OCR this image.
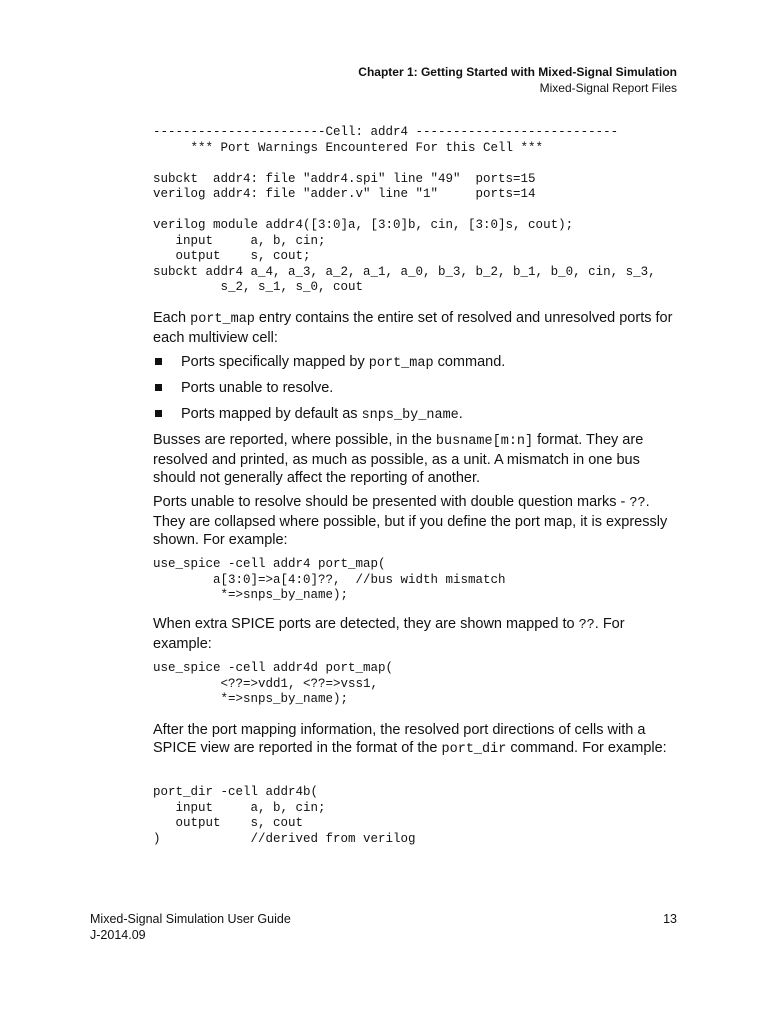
Chapter 1: Getting Started with Mixed-Signal Simulation
Mixed-Signal Report Files
-----------------------Cell: addr4 ---------------------------
*** Port Warnings Encountered For this Cell ***

subckt  addr4: file "addr4.spi" line "49"  ports=15
verilog addr4: file "adder.v" line "1"     ports=14

verilog module addr4([3:0]a, [3:0]b, cin, [3:0]s, cout);
input     a, b, cin;
output    s, cout;
subckt addr4 a_4, a_3, a_2, a_1, a_0, b_3, b_2, b_1, b_0, cin, s_3,
s_2, s_1, s_0, cout

Each port_map entry contains the entire set of resolved and unresolved ports for each multiview cell:

Ports specifically mapped by port_map command.
Ports unable to resolve.
Ports mapped by default as snps_by_name.

Busses are reported, where possible, in the busname[m:n] format. They are resolved and printed, as much as possible, as a unit. A mismatch in one bus should not generally affect the reporting of another.

Ports unable to resolve should be presented with double question marks - ??. They are collapsed where possible, but if you define the port map, it is expressly shown. For example:

use_spice -cell addr4 port_map(
a[3:0]=>a[4:0]??,  //bus width mismatch
*=>snps_by_name);

When extra SPICE ports are detected, they are shown mapped to ??. For example:

use_spice -cell addr4d port_map(
<??=>vdd1, <??=>vss1,
*=>snps_by_name);

After the port mapping information, the resolved port directions of cells with a SPICE view are reported in the format of the port_dir command. For example:

port_dir -cell addr4b(
input     a, b, cin;
output    s, cout
)            //derived from verilog
Mixed-Signal Simulation User Guide
J-2014.09
13
